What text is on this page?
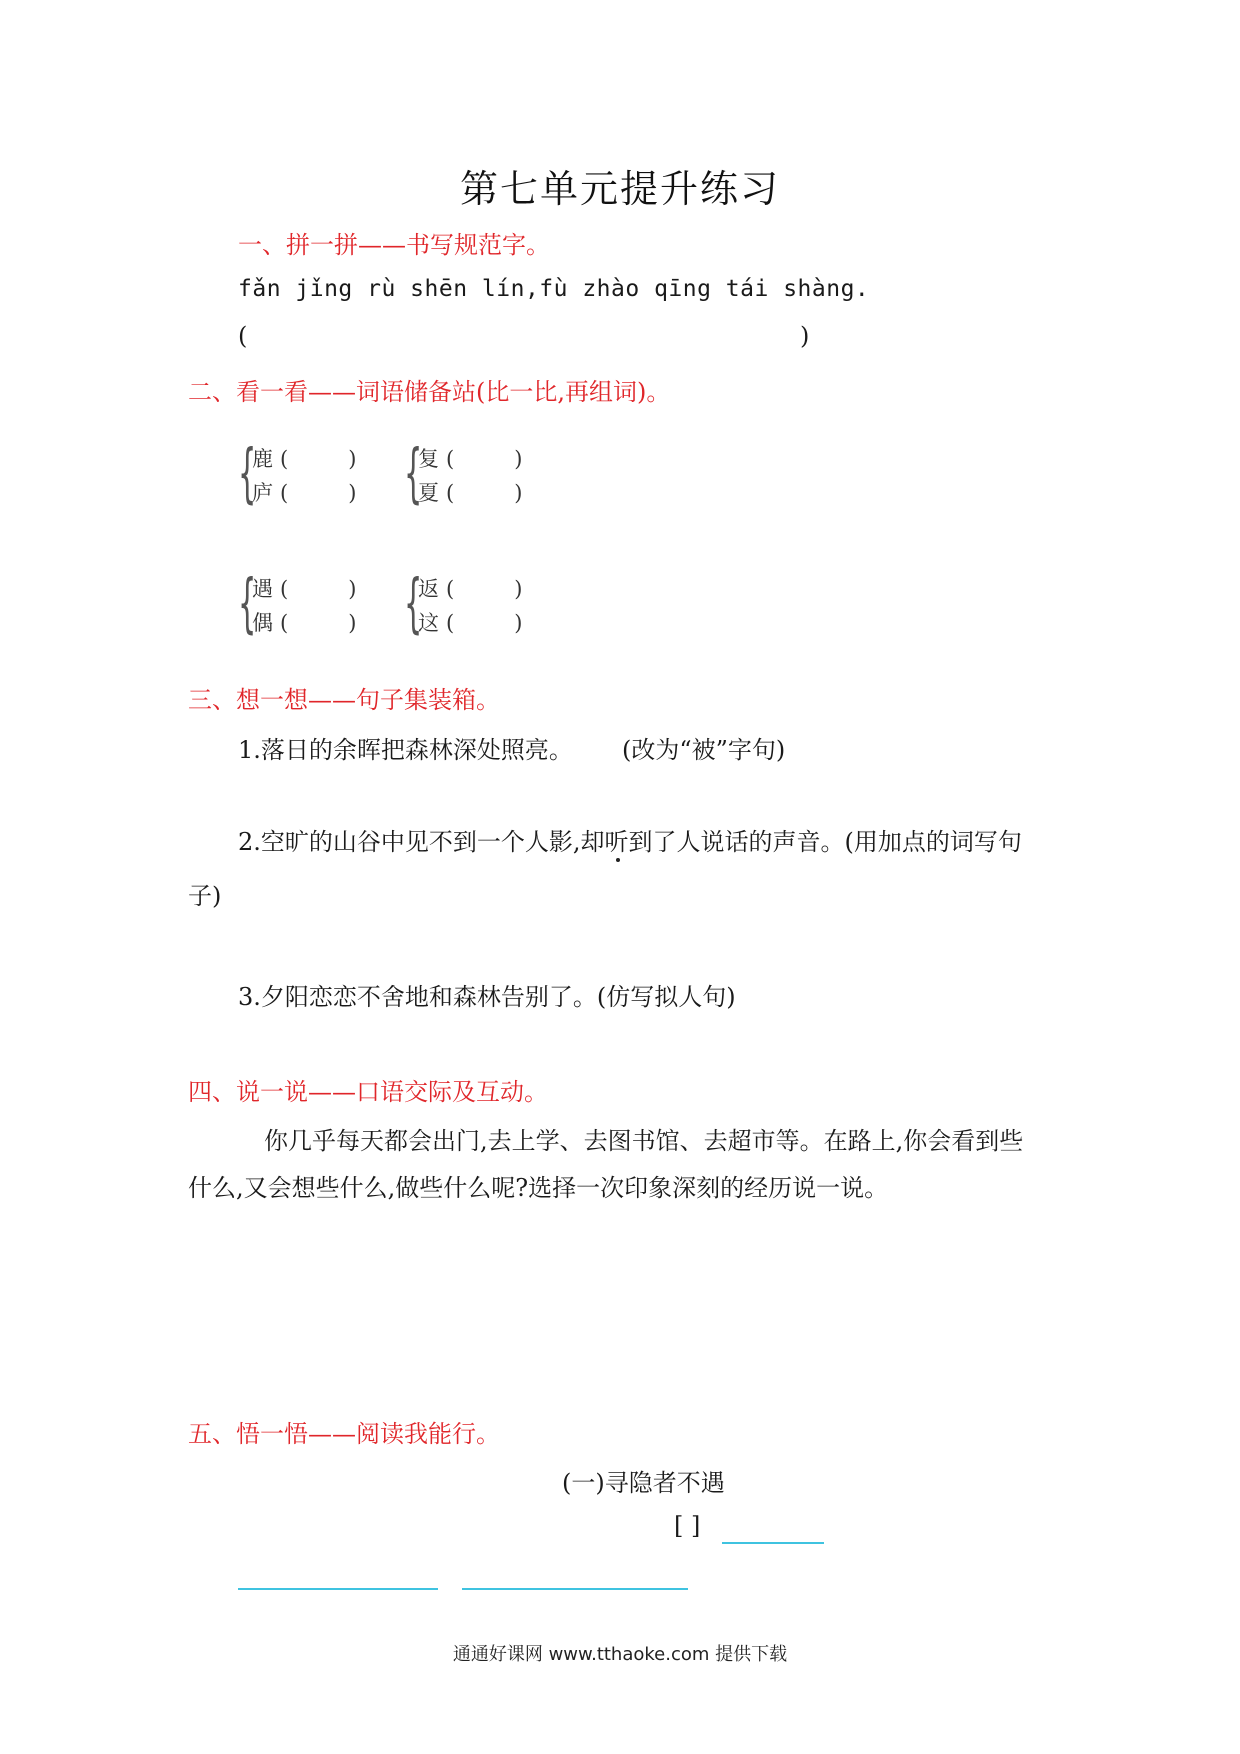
第七单元提升练习
一、拼一拼——书写规范字。
fǎn jǐng rù shēn lín,fù zhào qīng tái shàng.
(	)
二、看一看——词语储备站(比一比,再组词)。
{
鹿 (	)
庐 (	) {
复 (	)
夏 (	)
{
遇 (	)
偶 (	) {
返 (	)
这 (	)
三、想一想——句子集装箱。
1.落日的余晖把森林深处照亮。 (改为“被”字句)
2.空旷的山谷中见不到一个人影,却听到了人说话的声音。(用加点的词写句
子)
3.夕阳恋恋不舍地和森林告别了。(仿写拟人句)
四、说一说——口语交际及互动。
你几乎每天都会出门,去上学、去图书馆、去超市等。在路上,你会看到些
什么,又会想些什么,做些什么呢?选择一次印象深刻的经历说一说。
五、悟一悟——阅读我能行。
(一)寻隐者不遇
[ ]
通通好课网 www.tthaoke.com 提供下载
